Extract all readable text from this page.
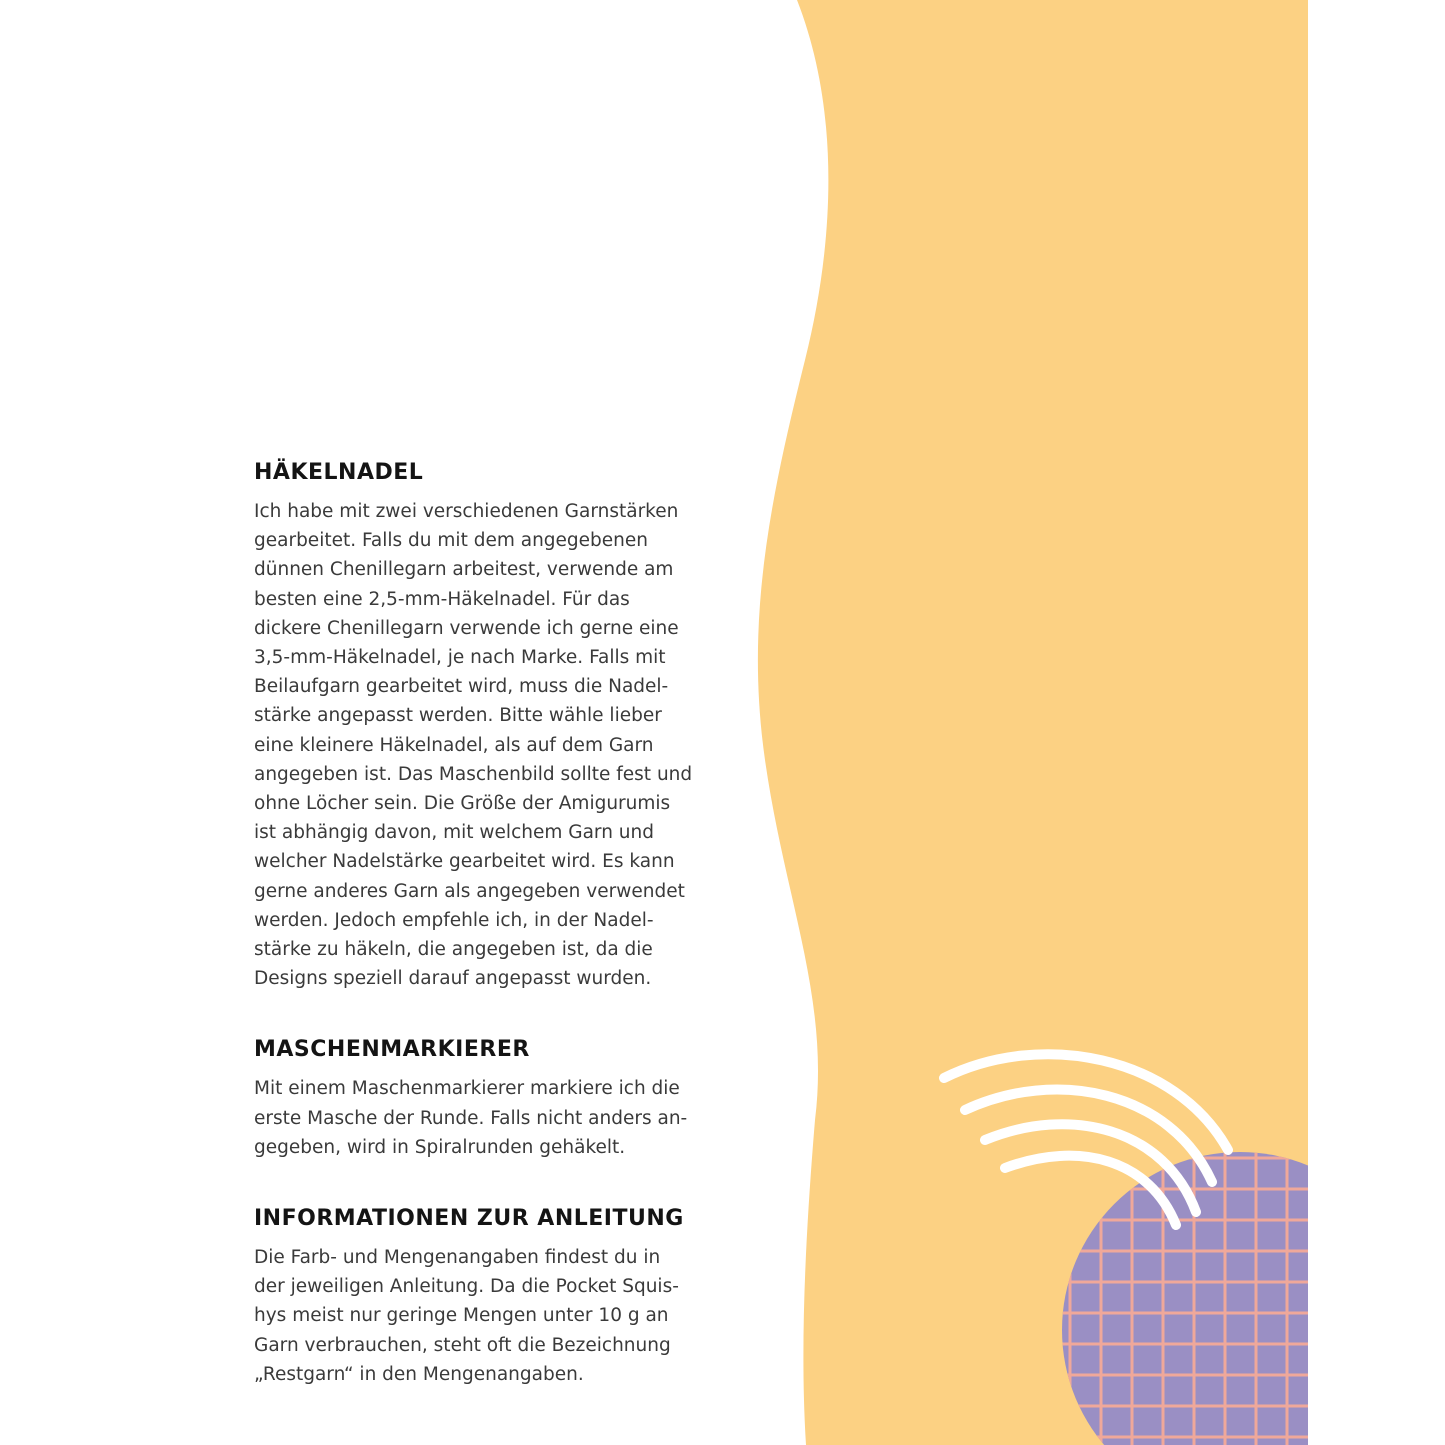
HÄKELNADEL
Ich habe mit zwei verschiedenen Garnstärken
gearbeitet. Falls du mit dem angegebenen
dünnen Chenillegarn arbeitest, verwende am
besten eine 2,5-mm-Häkelnadel. Für das
dickere Chenillegarn verwende ich gerne eine
3,5-mm-Häkelnadel, je nach Marke. Falls mit
Beilaufgarn gearbeitet wird, muss die Nadel-
stärke angepasst werden. Bitte wähle lieber
eine kleinere Häkelnadel, als auf dem Garn
angegeben ist. Das Maschenbild sollte fest und
ohne Löcher sein. Die Größe der Amigurumis
ist abhängig davon, mit welchem Garn und
welcher Nadelstärke gearbeitet wird. Es kann
gerne anderes Garn als angegeben verwendet
werden. Jedoch empfehle ich, in der Nadel-
stärke zu häkeln, die angegeben ist, da die
Designs speziell darauf angepasst wurden.
MASCHENMARKIERER
Mit einem Maschenmarkierer markiere ich die
erste Masche der Runde. Falls nicht anders an-
gegeben, wird in Spiralrunden gehäkelt.
INFORMATIONEN ZUR ANLEITUNG
Die Farb- und Mengenangaben findest du in
der jeweiligen Anleitung. Da die Pocket Squis-
hys meist nur geringe Mengen unter 10 g an
Garn verbrauchen, steht oft die Bezeichnung
„Restgarn“ in den Mengenangaben.
